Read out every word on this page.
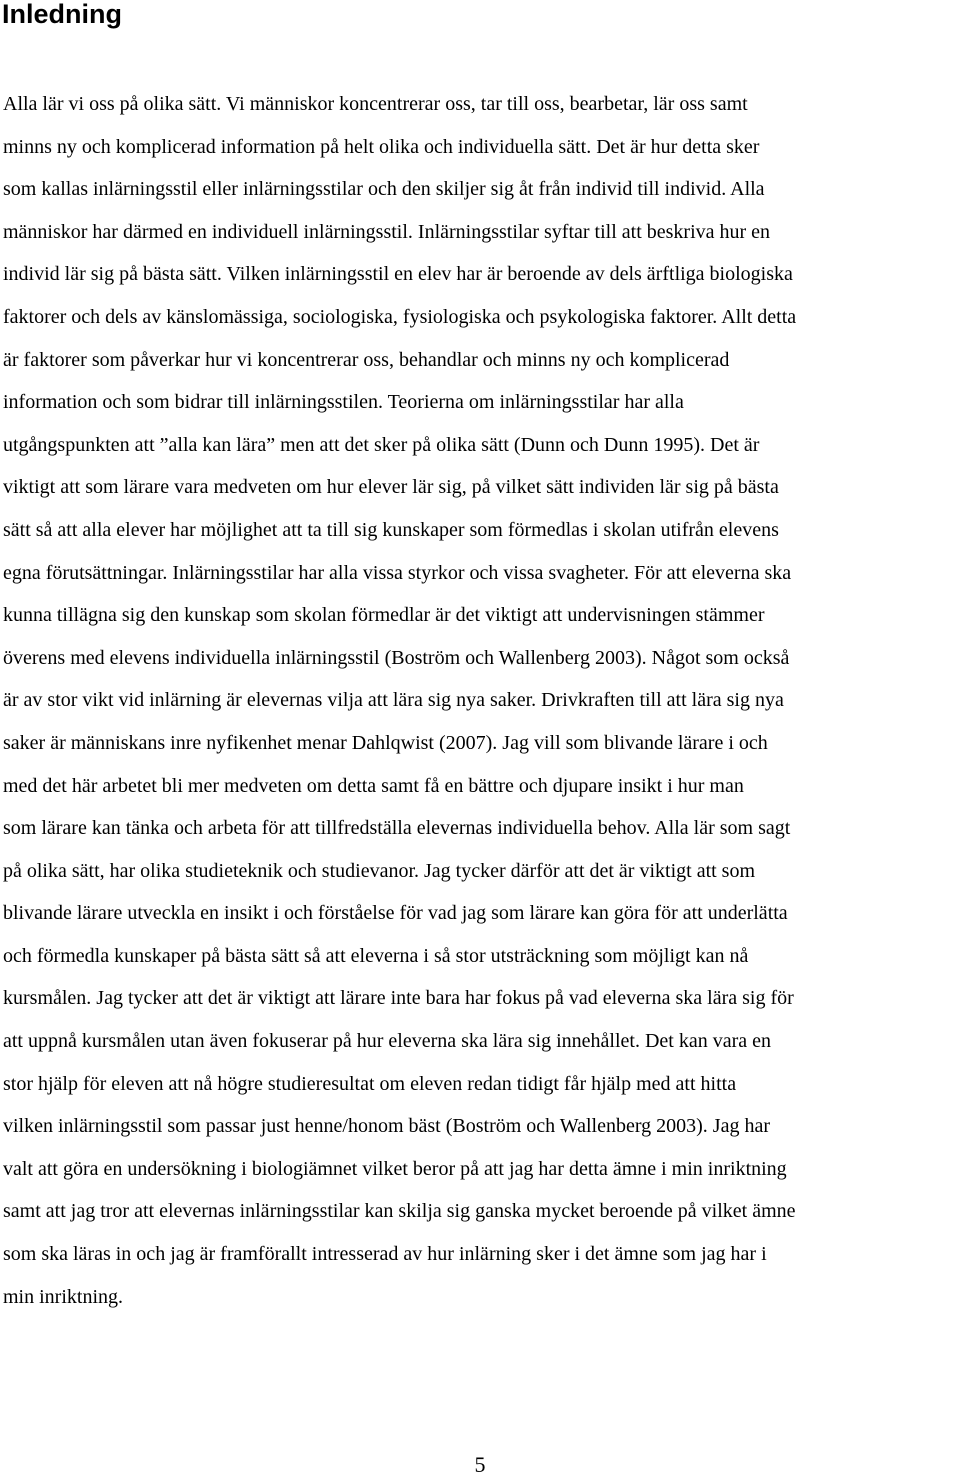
Inledning
Alla lär vi oss på olika sätt. Vi människor koncentrerar oss, tar till oss, bearbetar, lär oss samt
minns ny och komplicerad information på helt olika och individuella sätt. Det är hur detta sker
som kallas inlärningsstil eller inlärningsstilar och den skiljer sig åt från individ till individ. Alla
människor har därmed en individuell inlärningsstil. Inlärningsstilar syftar till att beskriva hur en
individ lär sig på bästa sätt. Vilken inlärningsstil en elev har är beroende av dels ärftliga biologiska
faktorer och dels av känslomässiga, sociologiska, fysiologiska och psykologiska faktorer. Allt detta
är faktorer som påverkar hur vi koncentrerar oss, behandlar och minns ny och komplicerad
information och som bidrar till inlärningsstilen. Teorierna om inlärningsstilar har alla
utgångspunkten att ”alla kan lära” men att det sker på olika sätt (Dunn och Dunn 1995). Det är
viktigt att som lärare vara medveten om hur elever lär sig, på vilket sätt individen lär sig på bästa
sätt så att alla elever har möjlighet att ta till sig kunskaper som förmedlas i skolan utifrån elevens
egna förutsättningar. Inlärningsstilar har alla vissa styrkor och vissa svagheter. För att eleverna ska
kunna tillägna sig den kunskap som skolan förmedlar är det viktigt att undervisningen stämmer
överens med elevens individuella inlärningsstil (Boström och Wallenberg 2003). Något som också
är av stor vikt vid inlärning är elevernas vilja att lära sig nya saker. Drivkraften till att lära sig nya
saker är människans inre nyfikenhet menar Dahlqwist (2007). Jag vill som blivande lärare i och
med det här arbetet bli mer medveten om detta samt få en bättre och djupare insikt i hur man
som lärare kan tänka och arbeta för att tillfredställa elevernas individuella behov. Alla lär som sagt
på olika sätt, har olika studieteknik och studievanor. Jag tycker därför att det är viktigt att som
blivande lärare utveckla en insikt i och förståelse för vad jag som lärare kan göra för att underlätta
och förmedla kunskaper på bästa sätt så att eleverna i så stor utsträckning som möjligt kan nå
kursmålen. Jag tycker att det är viktigt att lärare inte bara har fokus på vad eleverna ska lära sig för
att uppnå kursmålen utan även fokuserar på hur eleverna ska lära sig innehållet. Det kan vara en
stor hjälp för eleven att nå högre studieresultat om eleven redan tidigt får hjälp med att hitta
vilken inlärningsstil som passar just henne/honom bäst (Boström och Wallenberg 2003). Jag har
valt att göra en undersökning i biologiämnet vilket beror på att jag har detta ämne i min inriktning
samt att jag tror att elevernas inlärningsstilar kan skilja sig ganska mycket beroende på vilket ämne
som ska läras in och jag är framförallt intresserad av hur inlärning sker i det ämne som jag har i
min inriktning.
5
